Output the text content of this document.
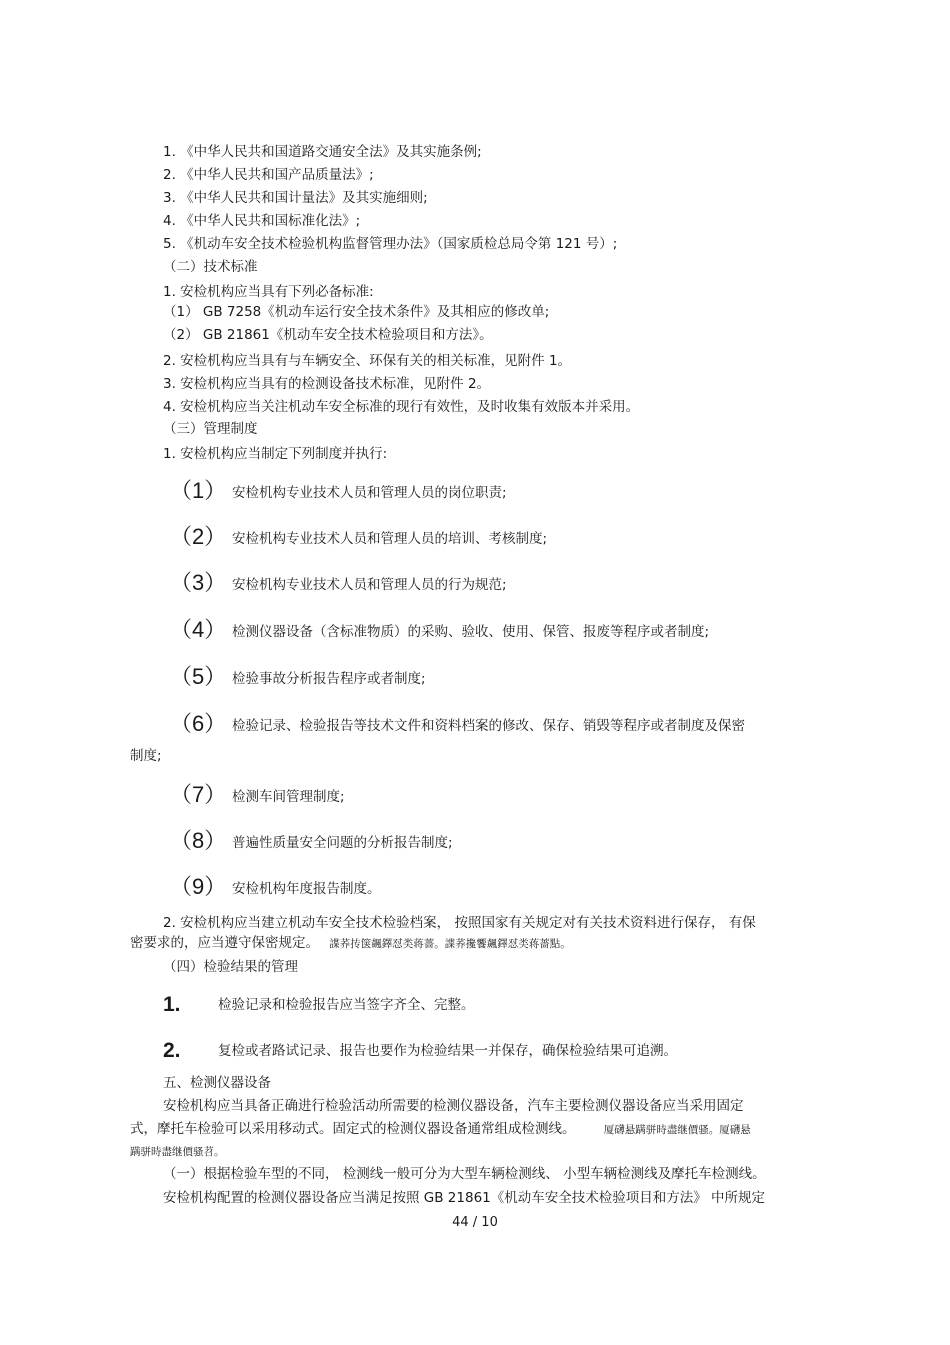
1. 《中华人民共和国道路交通安全法》及其实施条例;
2. 《中华人民共和国产品质量法》;
3. 《中华人民共和国计量法》及其实施细则;
4. 《中华人民共和国标准化法》;
5. 《机动车安全技术检验机构监督管理办法》（国家质检总局令第 121 号）;
（二）技术标准
1. 安检机构应当具有下列必备标准:
（1） GB 7258《机动车运行安全技术条件》及其相应的修改单;
（2） GB 21861《机动车安全技术检验项目和方法》。
2. 安检机构应当具有与车辆安全、环保有关的相关标准，见附件 1。
3. 安检机构应当具有的检测设备技术标准，见附件 2。
4. 安检机构应当关注机动车安全标准的现行有效性，及时收集有效版本并采用。
（三）管理制度
1. 安检机构应当制定下列制度并执行:
（1） 安检机构专业技术人员和管理人员的岗位职责;
（2） 安检机构专业技术人员和管理人员的培训、考核制度;
（3） 安检机构专业技术人员和管理人员的行为规范;
（4） 检测仪器设备（含标准物质）的采购、验收、使用、保管、报废等程序或者制度;
（5） 检验事故分析报告程序或者制度;
（6） 检验记录、检验报告等技术文件和资料档案的修改、保存、销毁等程序或者制度及保密
制度;
（7） 检测车间管理制度;
（8） 普遍性质量安全问题的分析报告制度;
（9） 安检机构年度报告制度。
2. 安检机构应当建立机动车安全技术检验档案， 按照国家有关规定对有关技术资料进行保存， 有保
密要求的，应当遵守保密规定。 諜荞抟箧飆鐸怼类蒋薔。諜荞攙饗飆鐸怼类蒋薔點。
（四）检验结果的管理
1.	检验记录和检验报告应当签字齐全、完整。
2.	复检或者路试记录、报告也要作为检验结果一并保存，确保检验结果可追溯。
五、检测仪器设备
安检机构应当具备正确进行检验活动所需要的检测仪器设备，汽车主要检测仪器设备应当采用固定
式，摩托车检验可以采用移动式。固定式的检测仪器设备通常组成检测线。	厦礴悬蹒骈時盡继價骚。厦礴悬
蹒骈時盡继價骚苕。
（一）根据检验车型的不同， 检测线一般可分为大型车辆检测线、 小型车辆检测线及摩托车检测线。
安检机构配置的检测仪器设备应当满足按照 GB 21861《机动车安全技术检验项目和方法》 中所规定
44 / 10
